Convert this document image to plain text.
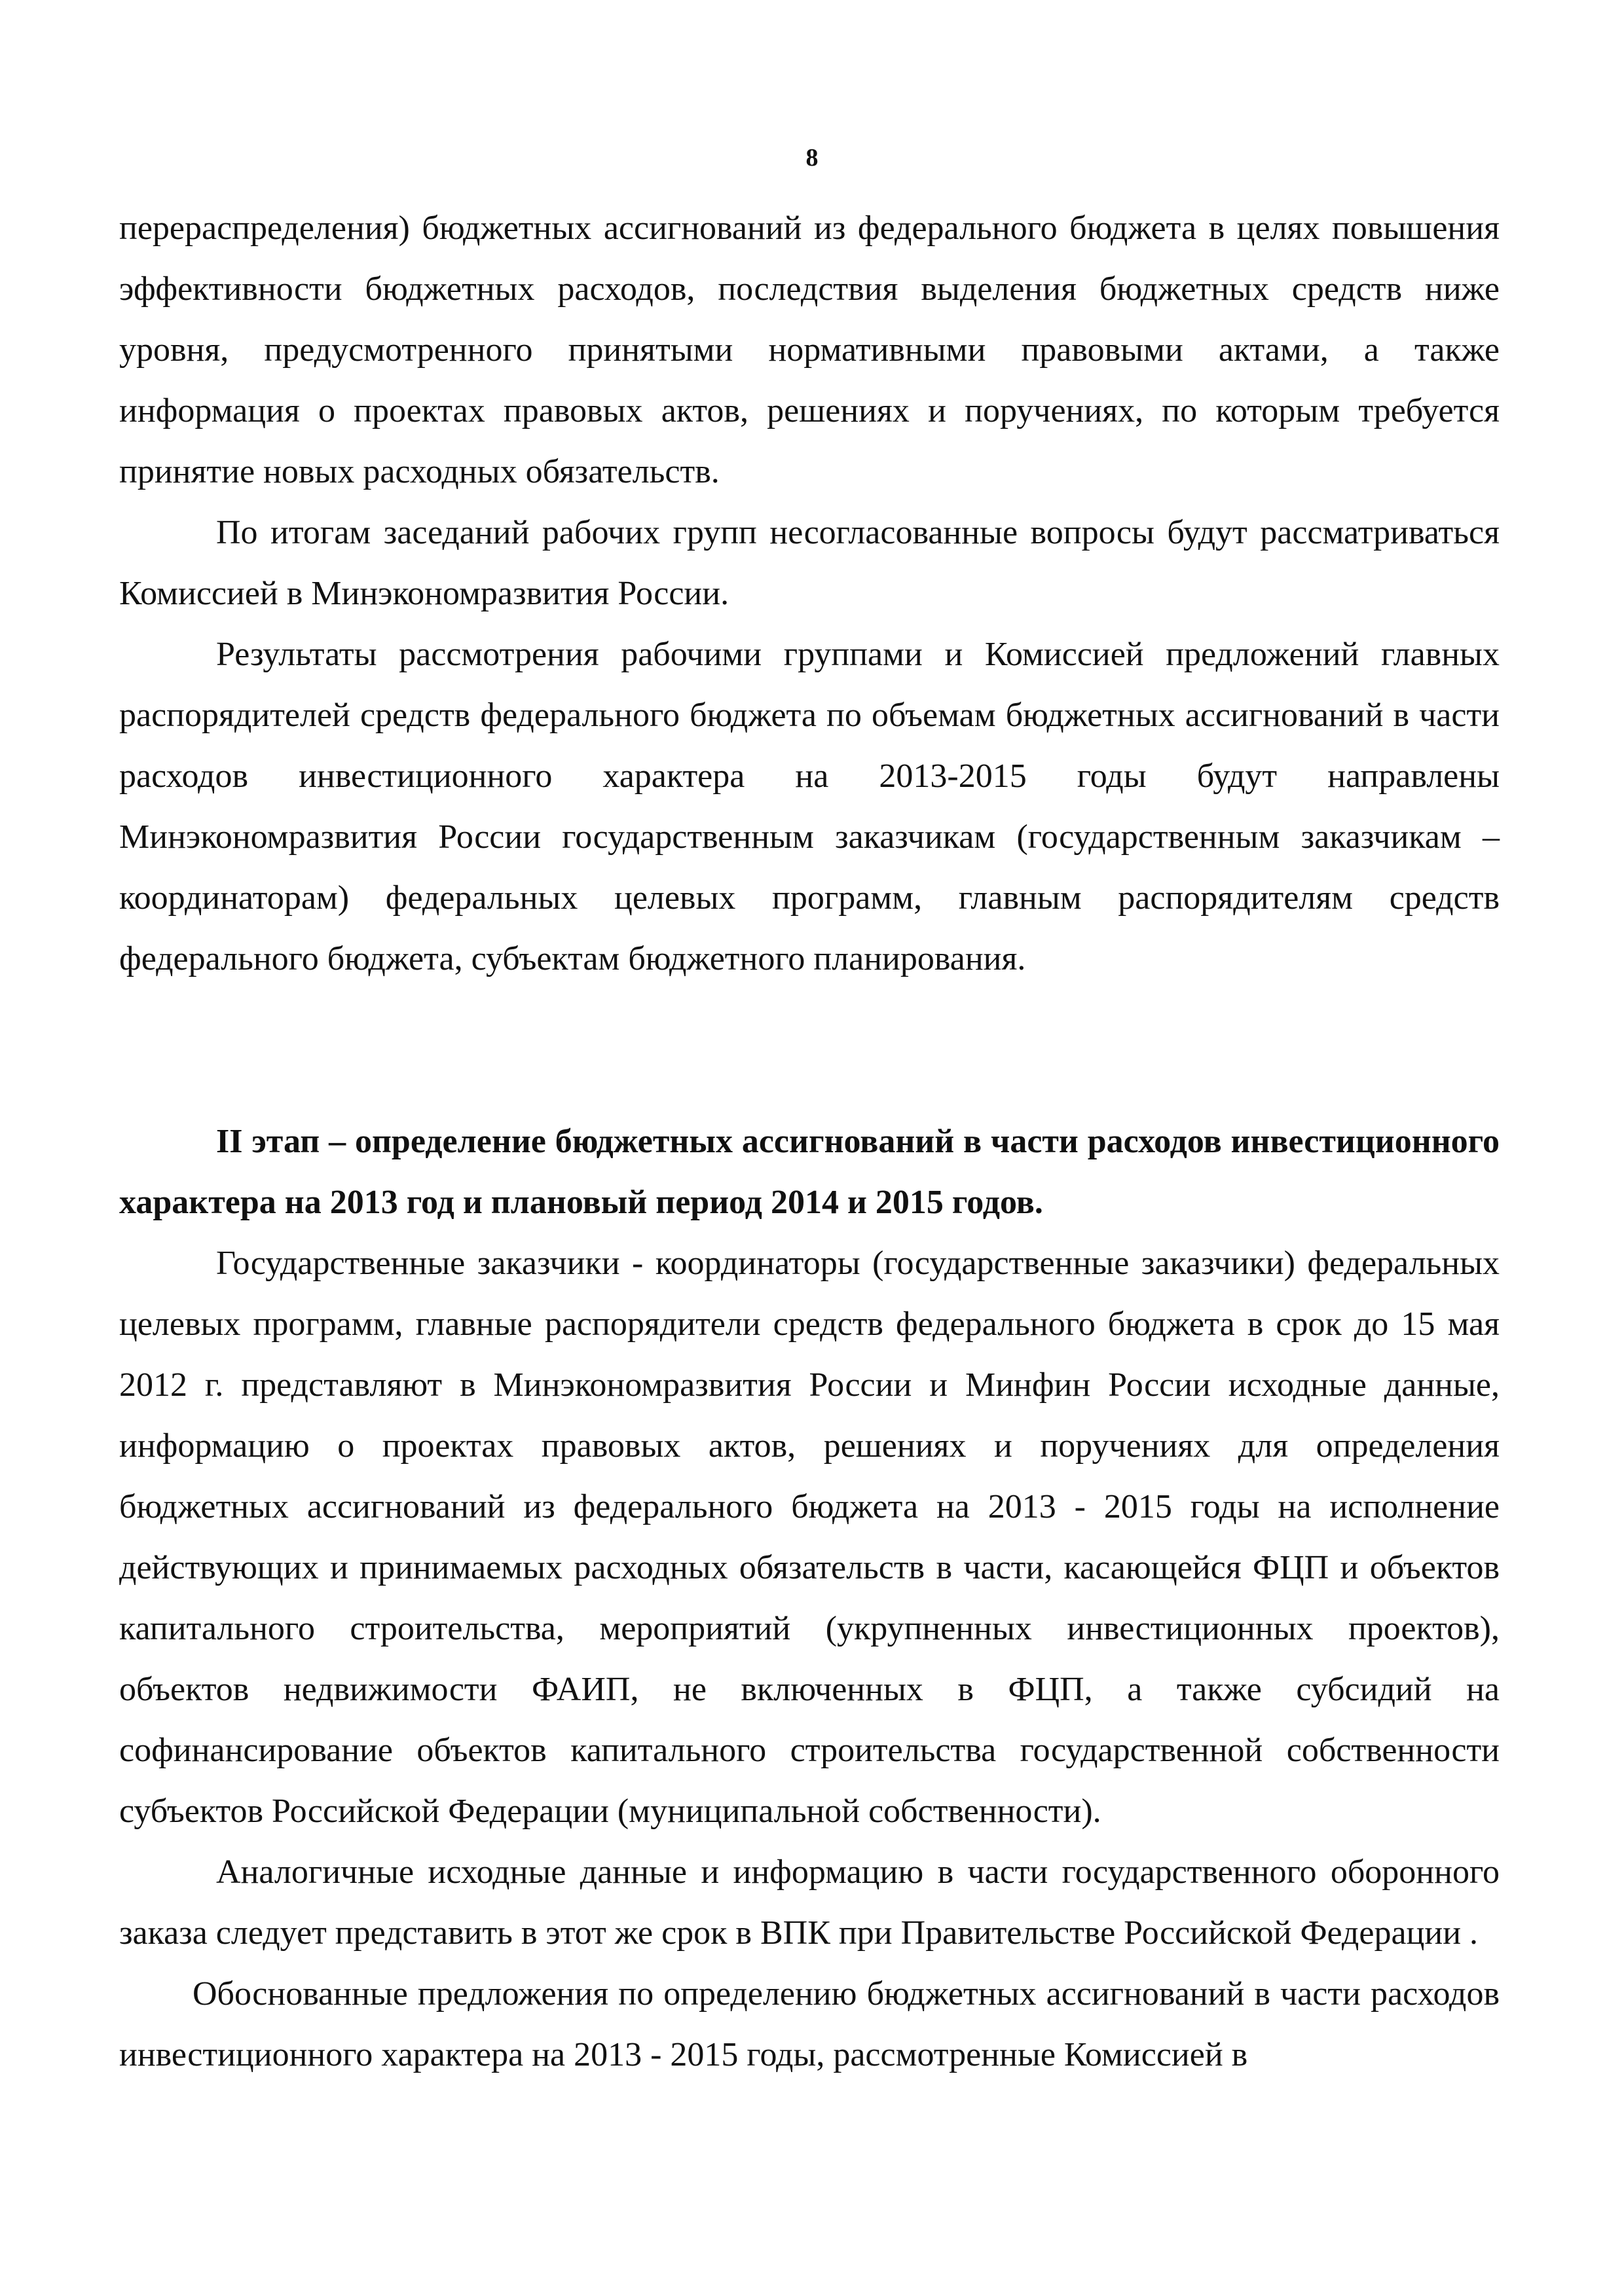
8

перераспределения) бюджетных ассигнований из федерального бюджета в целях повышения эффективности бюджетных расходов, последствия выделения бюджетных средств ниже уровня, предусмотренного принятыми нормативными правовыми актами, а также информация о проектах правовых актов, решениях и поручениях, по которым требуется принятие новых расходных обязательств.

По итогам заседаний рабочих групп несогласованные вопросы будут рассматриваться Комиссией в Минэкономразвития России.

Результаты рассмотрения рабочими группами и Комиссией предложений главных распорядителей средств федерального бюджета по объемам бюджетных ассигнований в части расходов инвестиционного характера на 2013-2015 годы будут направлены Минэкономразвития России государственным заказчикам (государственным заказчикам – координаторам) федеральных целевых программ, главным распорядителям средств федерального бюджета, субъектам бюджетного планирования.

II этап – определение бюджетных ассигнований в части расходов инвестиционного характера на 2013 год и плановый период 2014 и 2015 годов.

Государственные заказчики - координаторы (государственные заказчики) федеральных целевых программ, главные распорядители средств федерального бюджета в срок до 15 мая 2012 г. представляют в Минэкономразвития России и Минфин России исходные данные, информацию о проектах правовых актов, решениях и поручениях для определения бюджетных ассигнований из федерального бюджета на 2013 - 2015 годы на исполнение действующих и принимаемых расходных обязательств в части, касающейся ФЦП и объектов капитального строительства, мероприятий (укрупненных инвестиционных проектов), объектов недвижимости ФАИП, не включенных в ФЦП, а также субсидий на софинансирование объектов капитального строительства государственной собственности субъектов Российской Федерации (муниципальной собственности).

Аналогичные исходные данные и информацию в части государственного оборонного заказа следует представить в этот же срок в ВПК при Правительстве Российской Федерации .

Обоснованные предложения по определению бюджетных ассигнований в части расходов инвестиционного характера на 2013 - 2015 годы, рассмотренные Комиссией в
